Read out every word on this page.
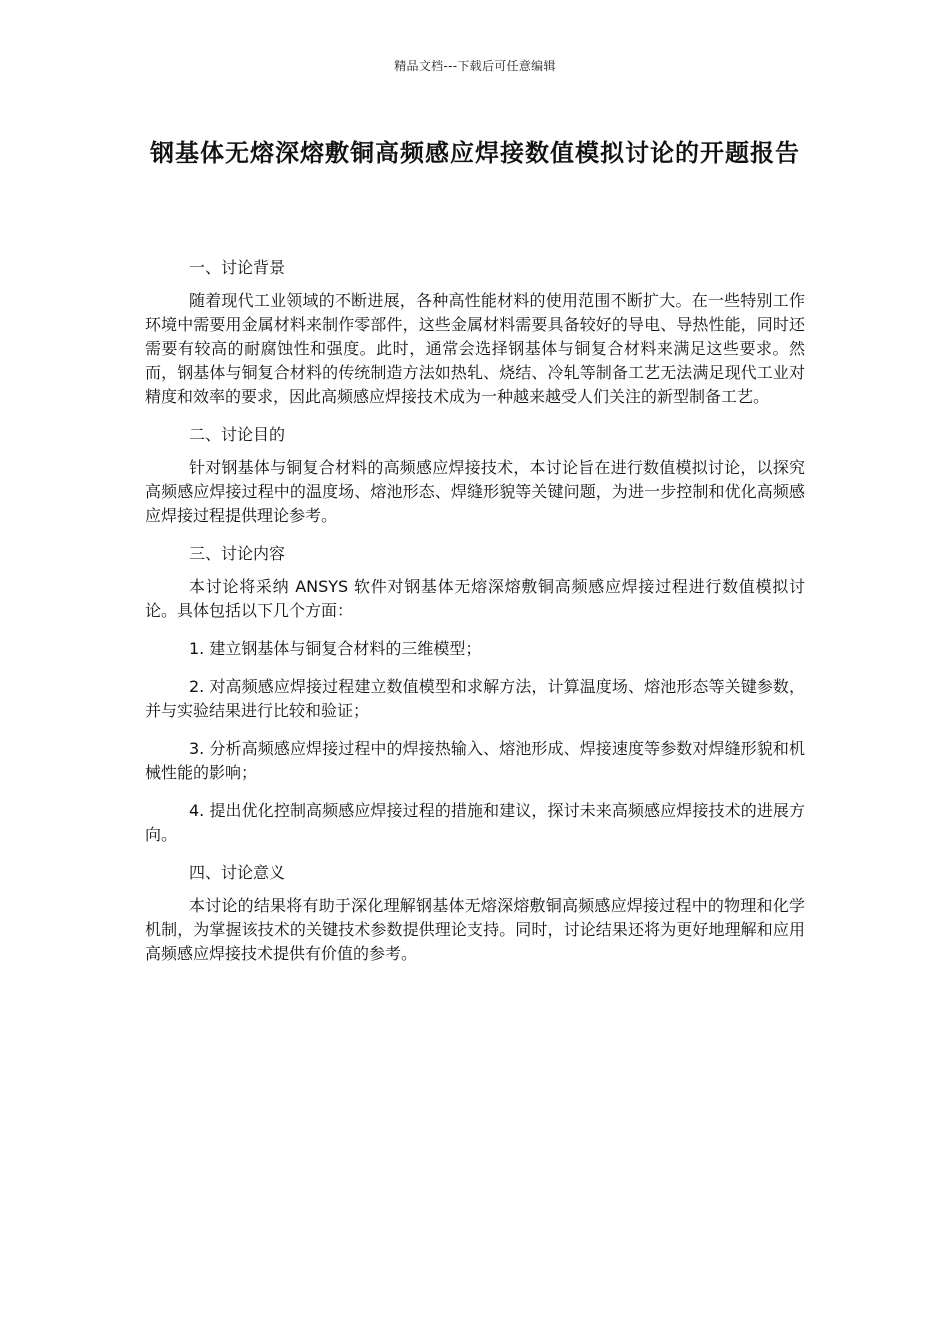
精品文档---下载后可任意编辑
钢基体无熔深熔敷铜高频感应焊接数值模拟讨论的开题报告

一、讨论背景

随着现代工业领域的不断进展，各种高性能材料的使用范围不断扩大。在一些特别工作环境中需要用金属材料来制作零部件，这些金属材料需要具备较好的导电、导热性能，同时还需要有较高的耐腐蚀性和强度。此时，通常会选择钢基体与铜复合材料来满足这些要求。然而，钢基体与铜复合材料的传统制造方法如热轧、烧结、冷轧等制备工艺无法满足现代工业对精度和效率的要求，因此高频感应焊接技术成为一种越来越受人们关注的新型制备工艺。

二、讨论目的

针对钢基体与铜复合材料的高频感应焊接技术，本讨论旨在进行数值模拟讨论，以探究高频感应焊接过程中的温度场、熔池形态、焊缝形貌等关键问题，为进一步控制和优化高频感应焊接过程提供理论参考。

三、讨论内容

本讨论将采纳 ANSYS 软件对钢基体无熔深熔敷铜高频感应焊接过程进行数值模拟讨论。具体包括以下几个方面：

1. 建立钢基体与铜复合材料的三维模型；

2. 对高频感应焊接过程建立数值模型和求解方法，计算温度场、熔池形态等关键参数，并与实验结果进行比较和验证；

3. 分析高频感应焊接过程中的焊接热输入、熔池形成、焊接速度等参数对焊缝形貌和机械性能的影响；

4. 提出优化控制高频感应焊接过程的措施和建议，探讨未来高频感应焊接技术的进展方向。

四、讨论意义

本讨论的结果将有助于深化理解钢基体无熔深熔敷铜高频感应焊接过程中的物理和化学机制，为掌握该技术的关键技术参数提供理论支持。同时，讨论结果还将为更好地理解和应用高频感应焊接技术提供有价值的参考。
